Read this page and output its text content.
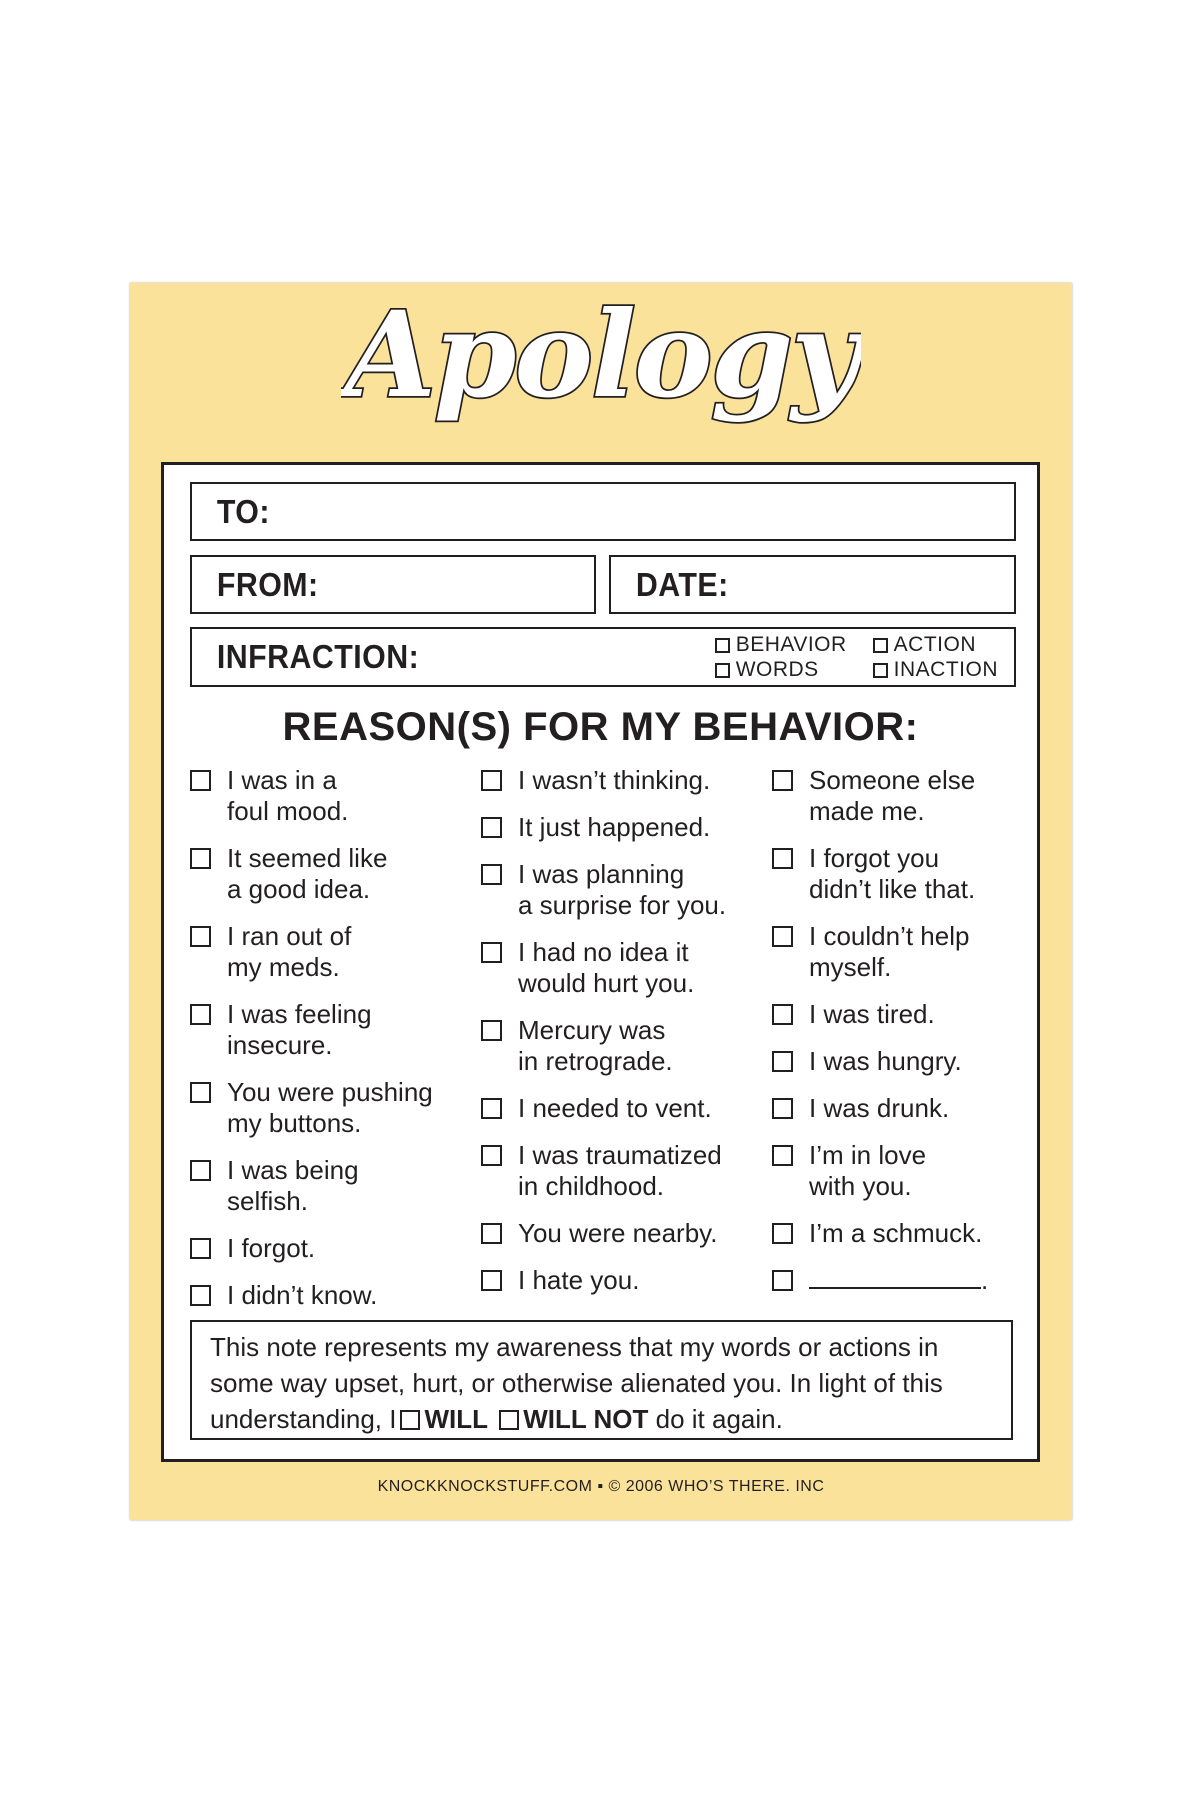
Apology
TO:
FROM:	DATE:
INFRACTION:	BEHAVIOR ACTION
WORDS	INACTION
REASON(S) FOR MY BEHAVIOR:
I was in a
foul mood.
It seemed like
a good idea.
I ran out of
my meds.
I was feeling
insecure.
You were pushing
my buttons.
I was being
selfish.
I forgot.
I didn’t know.
I wasn’t thinking.
It just happened.
I was planning
a surprise for you.
I had no idea it
would hurt you.
Mercury was
in retrograde.
I needed to vent.
I was traumatized
in childhood.
You were nearby.
I hate you.
Someone else
made me.
I forgot you
didn’t like that.
I couldn’t help
myself.
I was tired.
I was hungry.
I was drunk.
I’m in love
with you.
I’m a schmuck.
.
This note represents my awareness that my words or actions in some way upset, hurt, or otherwise alienated you. In light of this understanding, I WILL WILL NOT do it again.
KNOCKKNOCKSTUFF.COM ▪ © 2006 WHO’S THERE. INC
